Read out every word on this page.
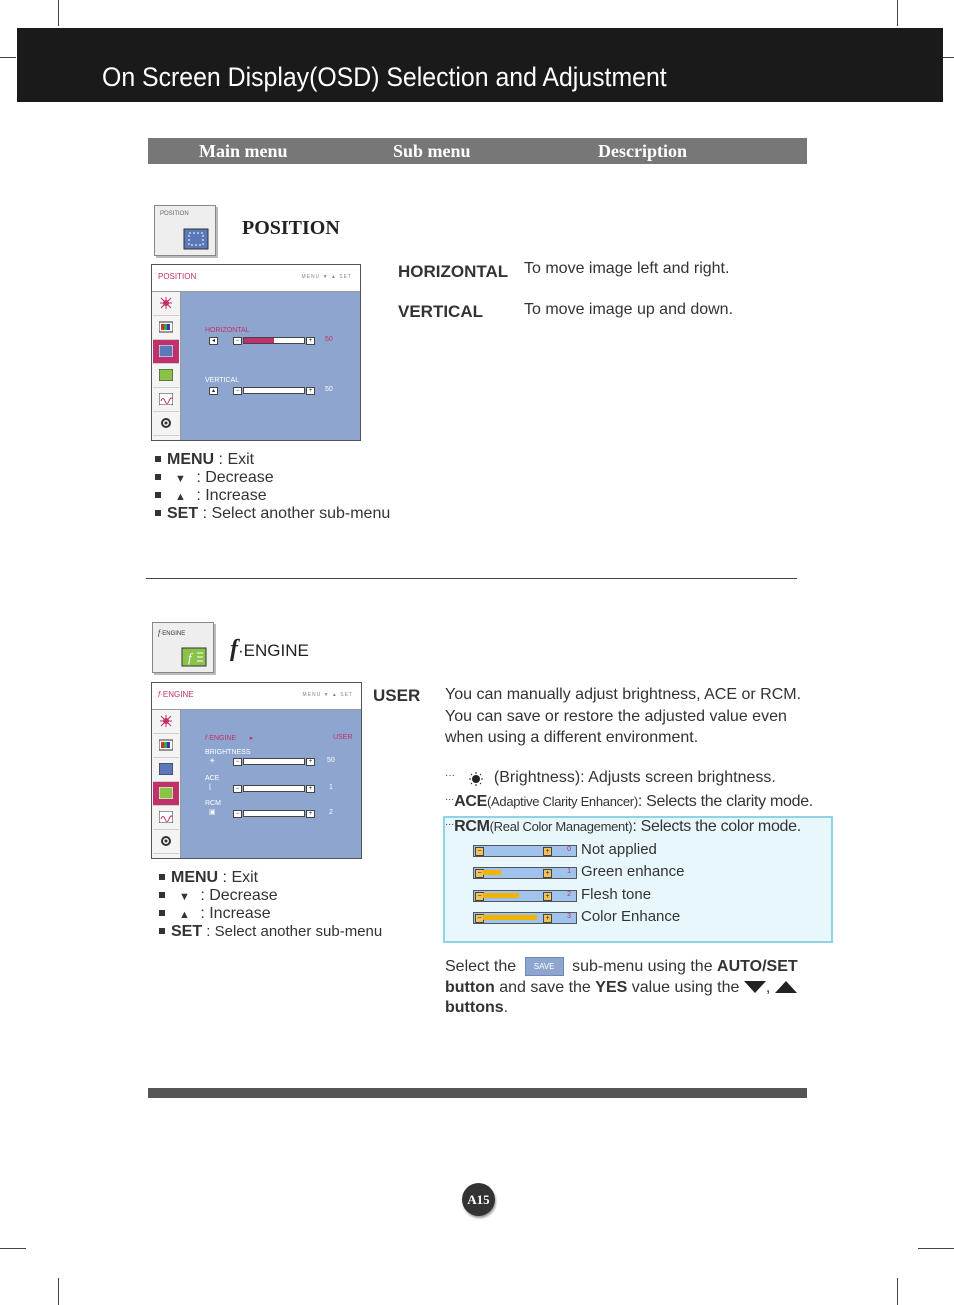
On Screen Display(OSD) Selection and Adjustment
Main menu	Sub menu	Description
POSITION
POSITION
POSITION	MENU ▼ ▲ SET
HORIZONTAL
◂	−	+	50
VERTICAL
▴	−	+	50
HORIZONTAL To move image left and right.
VERTICAL	To move image up and down.
MENU : Exit
▼ : Decrease
▲ : Increase
SET : Select another sub-menu
f·ENGINE
f f·ENGINE
f·ENGINE	MENU ▼ ▲ SET
f·ENGINE       ▸	USER
BRIGHTNESS
☀	−	+	50
ACE
⌊	−	+	1
RCM
▣	−	+	2
USER You can manually adjust brightness, ACE or RCM.
You can save or restore the adjusted value even
when using a different environment.
··· (Brightness): Adjusts screen brightness.
···ACE(Adaptive Clarity Enhancer): Selects the clarity mode.
···RCM(Real Color Management): Selects the color mode.
−	+	0 Not applied
−	+	1 Green enhance
−	+	2 Flesh tone
−	+	3 Color Enhance
Select the SAVE sub-menu using the AUTO/SET button and save the YES value using the ,  buttons.
MENU : Exit
▼ : Decrease
▲ : Increase
SET : Select another sub-menu
A15
